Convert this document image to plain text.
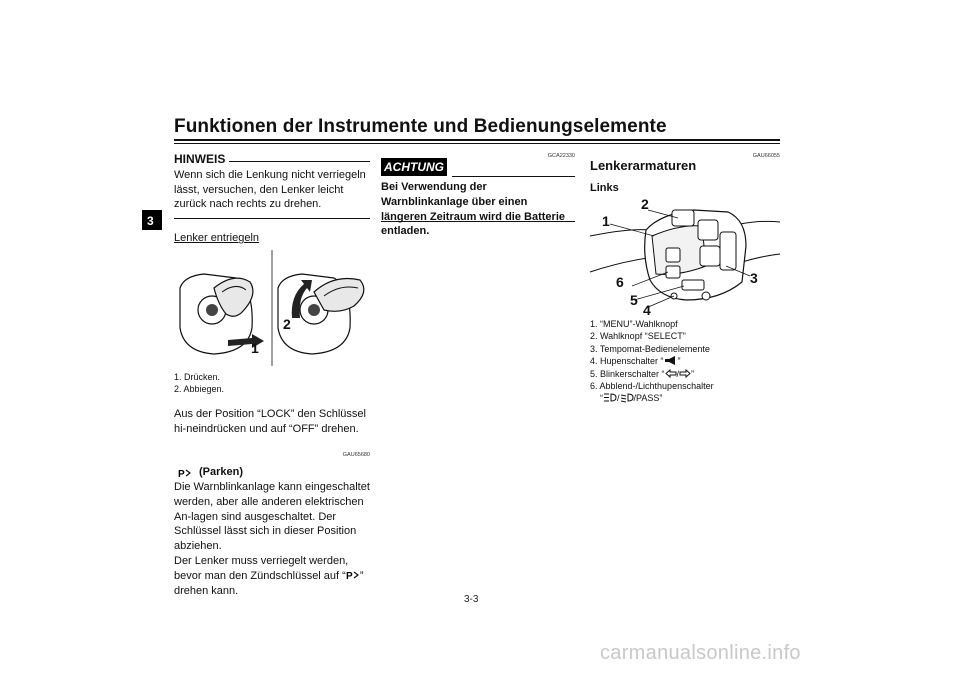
Funktionen der Instrumente und Bedienungselemente
3
HINWEIS
Wenn sich die Lenkung nicht verriegeln lässt, versuchen, den Lenker leicht zurück nach rechts zu drehen.
Lenker entriegeln
1
2
1. Drücken.
2. Abbiegen.
Aus der Position “LOCK” den Schlüssel hi-neindrücken und auf “OFF” drehen.
GAU65680
P (Parken)
Die Warnblinkanlage kann eingeschaltet werden, aber alle anderen elektrischen An-lagen sind ausgeschaltet. Der Schlüssel lässt sich in dieser Position abziehen.
Der Lenker muss verriegelt werden, bevor man den Zündschlüssel auf “ P ” drehen kann.
GCA22330
ACHTUNG
Bei Verwendung der Warnblinkanlage über einen längeren Zeitraum wird die Batterie entladen.
GAU66055
Lenkerarmaturen
Links
1
2
3
4
5
6
1. “MENU”-Wahlknopf
2. Wahlknopf “SELECT”
3. Tempomat-Bedienelemente
4. Hupenschalter “ ”
5. Blinkerschalter “ / ”
6. Abblend-/Lichthupenschalter
“ / /PASS”
3-3
carmanualsonline.info
